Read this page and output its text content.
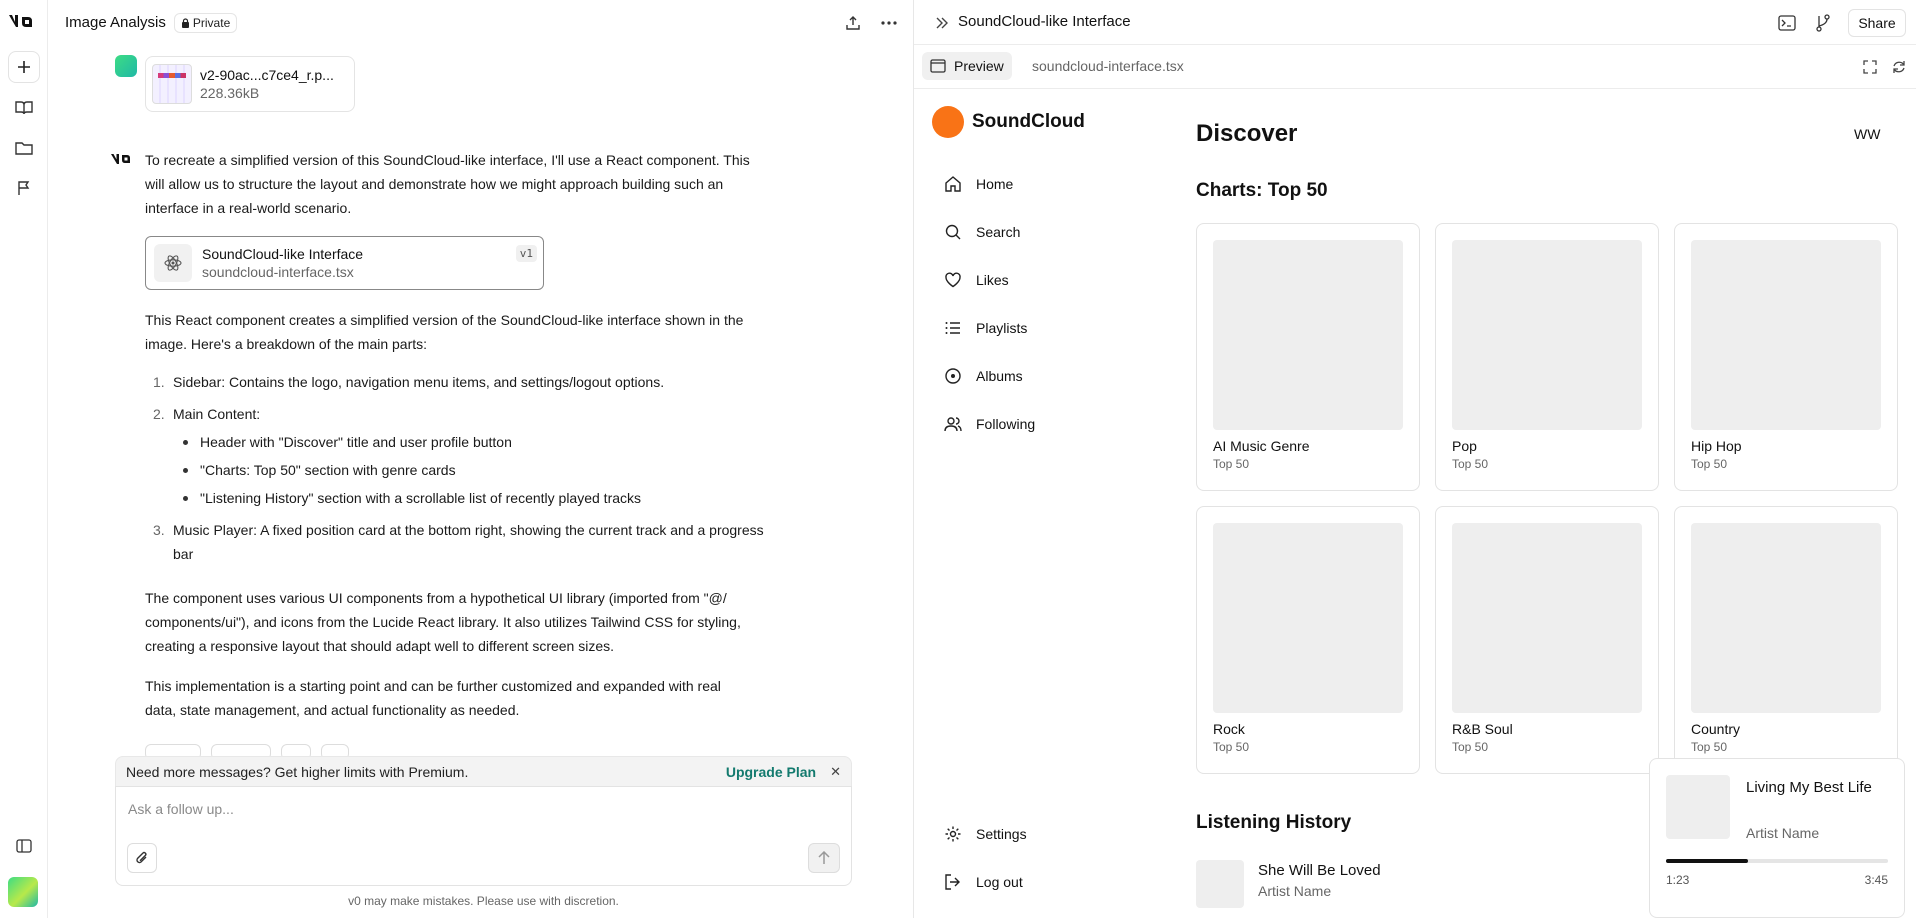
Image Analysis Private
v2-90ac...c7ce4_r.p...
228.36kB

To recreate a simplified version of this SoundCloud-like interface, I'll use a React component. This will allow us to structure the layout and demonstrate how we might approach building such an interface in a real-world scenario.

SoundCloud-like Interface
soundcloud-interface.tsx
v1

This React component creates a simplified version of the SoundCloud-like interface shown in the image. Here's a breakdown of the main parts:

1. Sidebar: Contains the logo, navigation menu items, and settings/logout options.
2. Main Content:
Header with "Discover" title and user profile button
"Charts: Top 50" section with genre cards
"Listening History" section with a scrollable list of recently played tracks
3. Music Player: A fixed position card at the bottom right, showing the current track and a progress bar

The component uses various UI components from a hypothetical UI library (imported from "@/ components/ui"), and icons from the Lucide React library. It also utilizes Tailwind CSS for styling, creating a responsive layout that should adapt well to different screen sizes.

This implementation is a starting point and can be further customized and expanded with real data, state management, and actual functionality as needed.

Need more messages? Get higher limits with Premium.	Upgrade Plan ✕
Ask a follow up...
v0 may make mistakes. Please use with discretion.
SoundCloud-like Interface	Share
Preview soundcloud-interface.tsx
SoundCloud
Home
Search
Likes
Playlists
Albums
Following
Settings
Log out
Discover	WW
Charts: Top 50
AI Music Genre
Top 50
Pop
Top 50
Hip Hop
Top 50
Rock
Top 50
R&B Soul
Top 50
Country
Top 50
Listening History
She Will Be Loved
Artist Name
Living My Best Life
Artist Name
1:23	3:45
